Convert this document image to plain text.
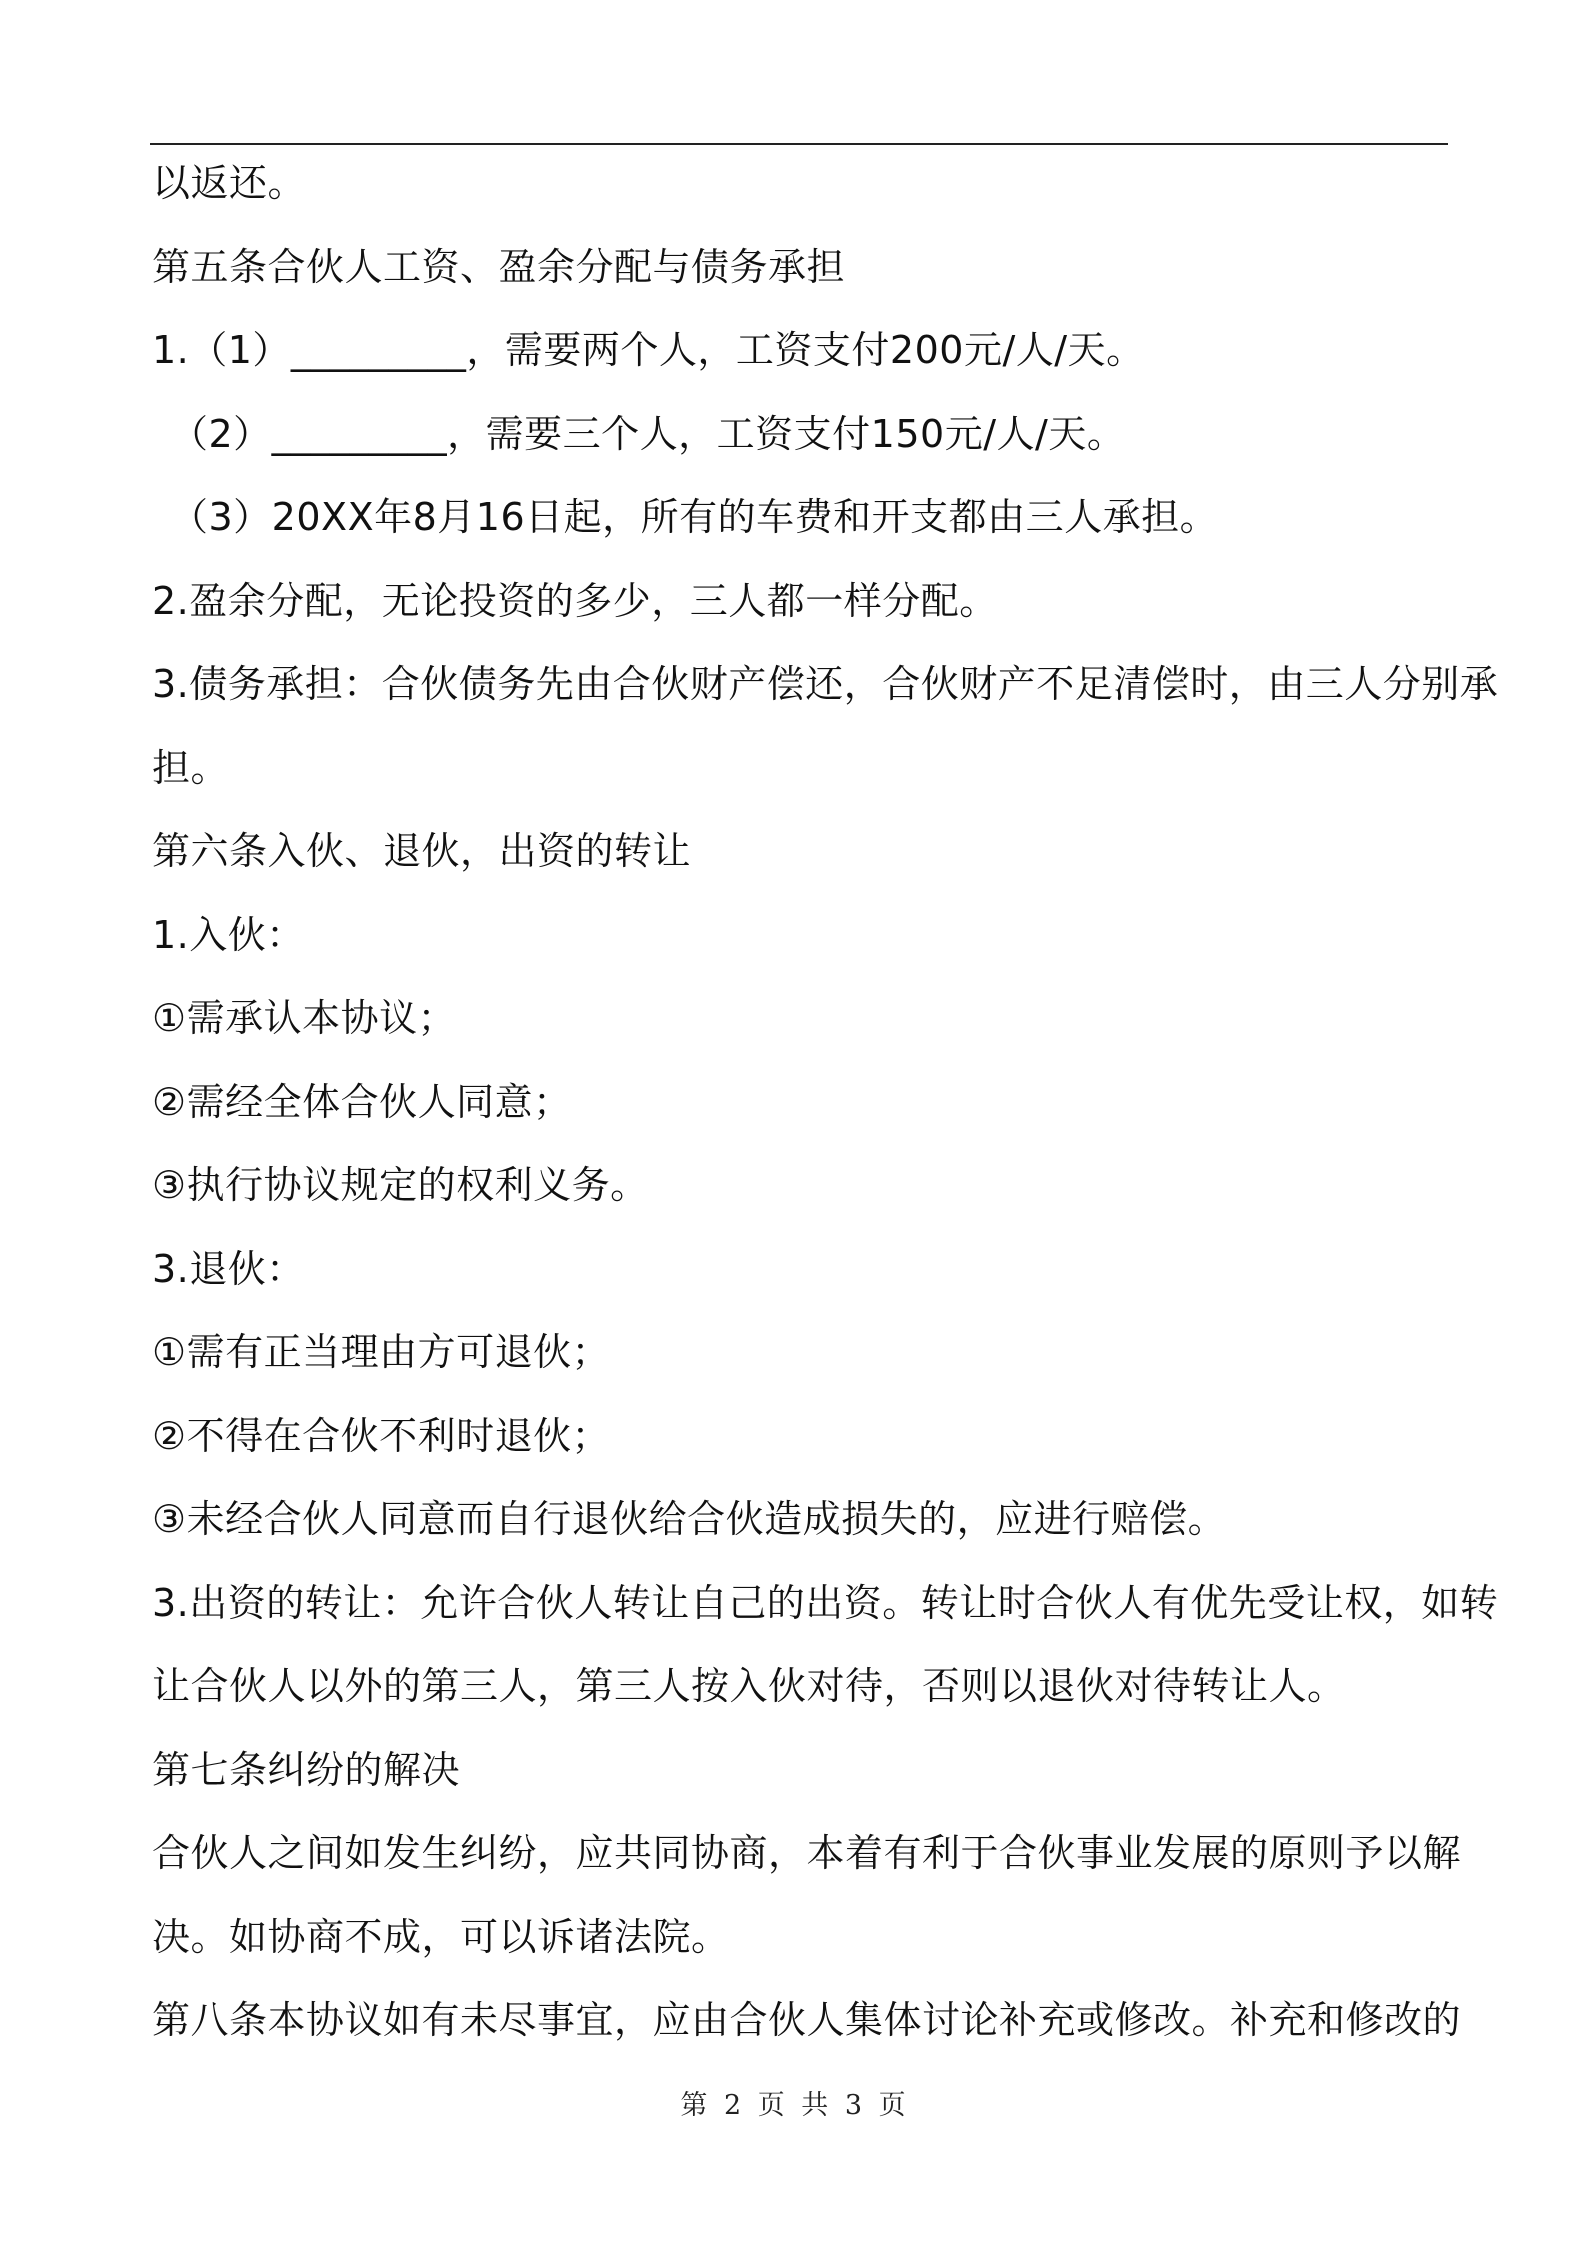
以返还。
第五条合伙人工资、盈余分配与债务承担
1.（1）_________，需要两个人，工资支付200元/人/天。
（2）_________，需要三个人，工资支付150元/人/天。
（3）20XX年8月16日起，所有的车费和开支都由三人承担。
2.盈余分配，无论投资的多少，三人都一样分配。
3.债务承担：合伙债务先由合伙财产偿还，合伙财产不足清偿时，由三人分别承
担。
第六条入伙、退伙，出资的转让
1.入伙：
①需承认本协议；
②需经全体合伙人同意；
③执行协议规定的权利义务。
3.退伙：
①需有正当理由方可退伙；
②不得在合伙不利时退伙；
③未经合伙人同意而自行退伙给合伙造成损失的，应进行赔偿。
3.出资的转让：允许合伙人转让自己的出资。转让时合伙人有优先受让权，如转
让合伙人以外的第三人，第三人按入伙对待，否则以退伙对待转让人。
第七条纠纷的解决
合伙人之间如发生纠纷，应共同协商，本着有利于合伙事业发展的原则予以解
决。如协商不成，可以诉诸法院。
第八条本协议如有未尽事宜，应由合伙人集体讨论补充或修改。补充和修改的
第 2 页 共 3 页
